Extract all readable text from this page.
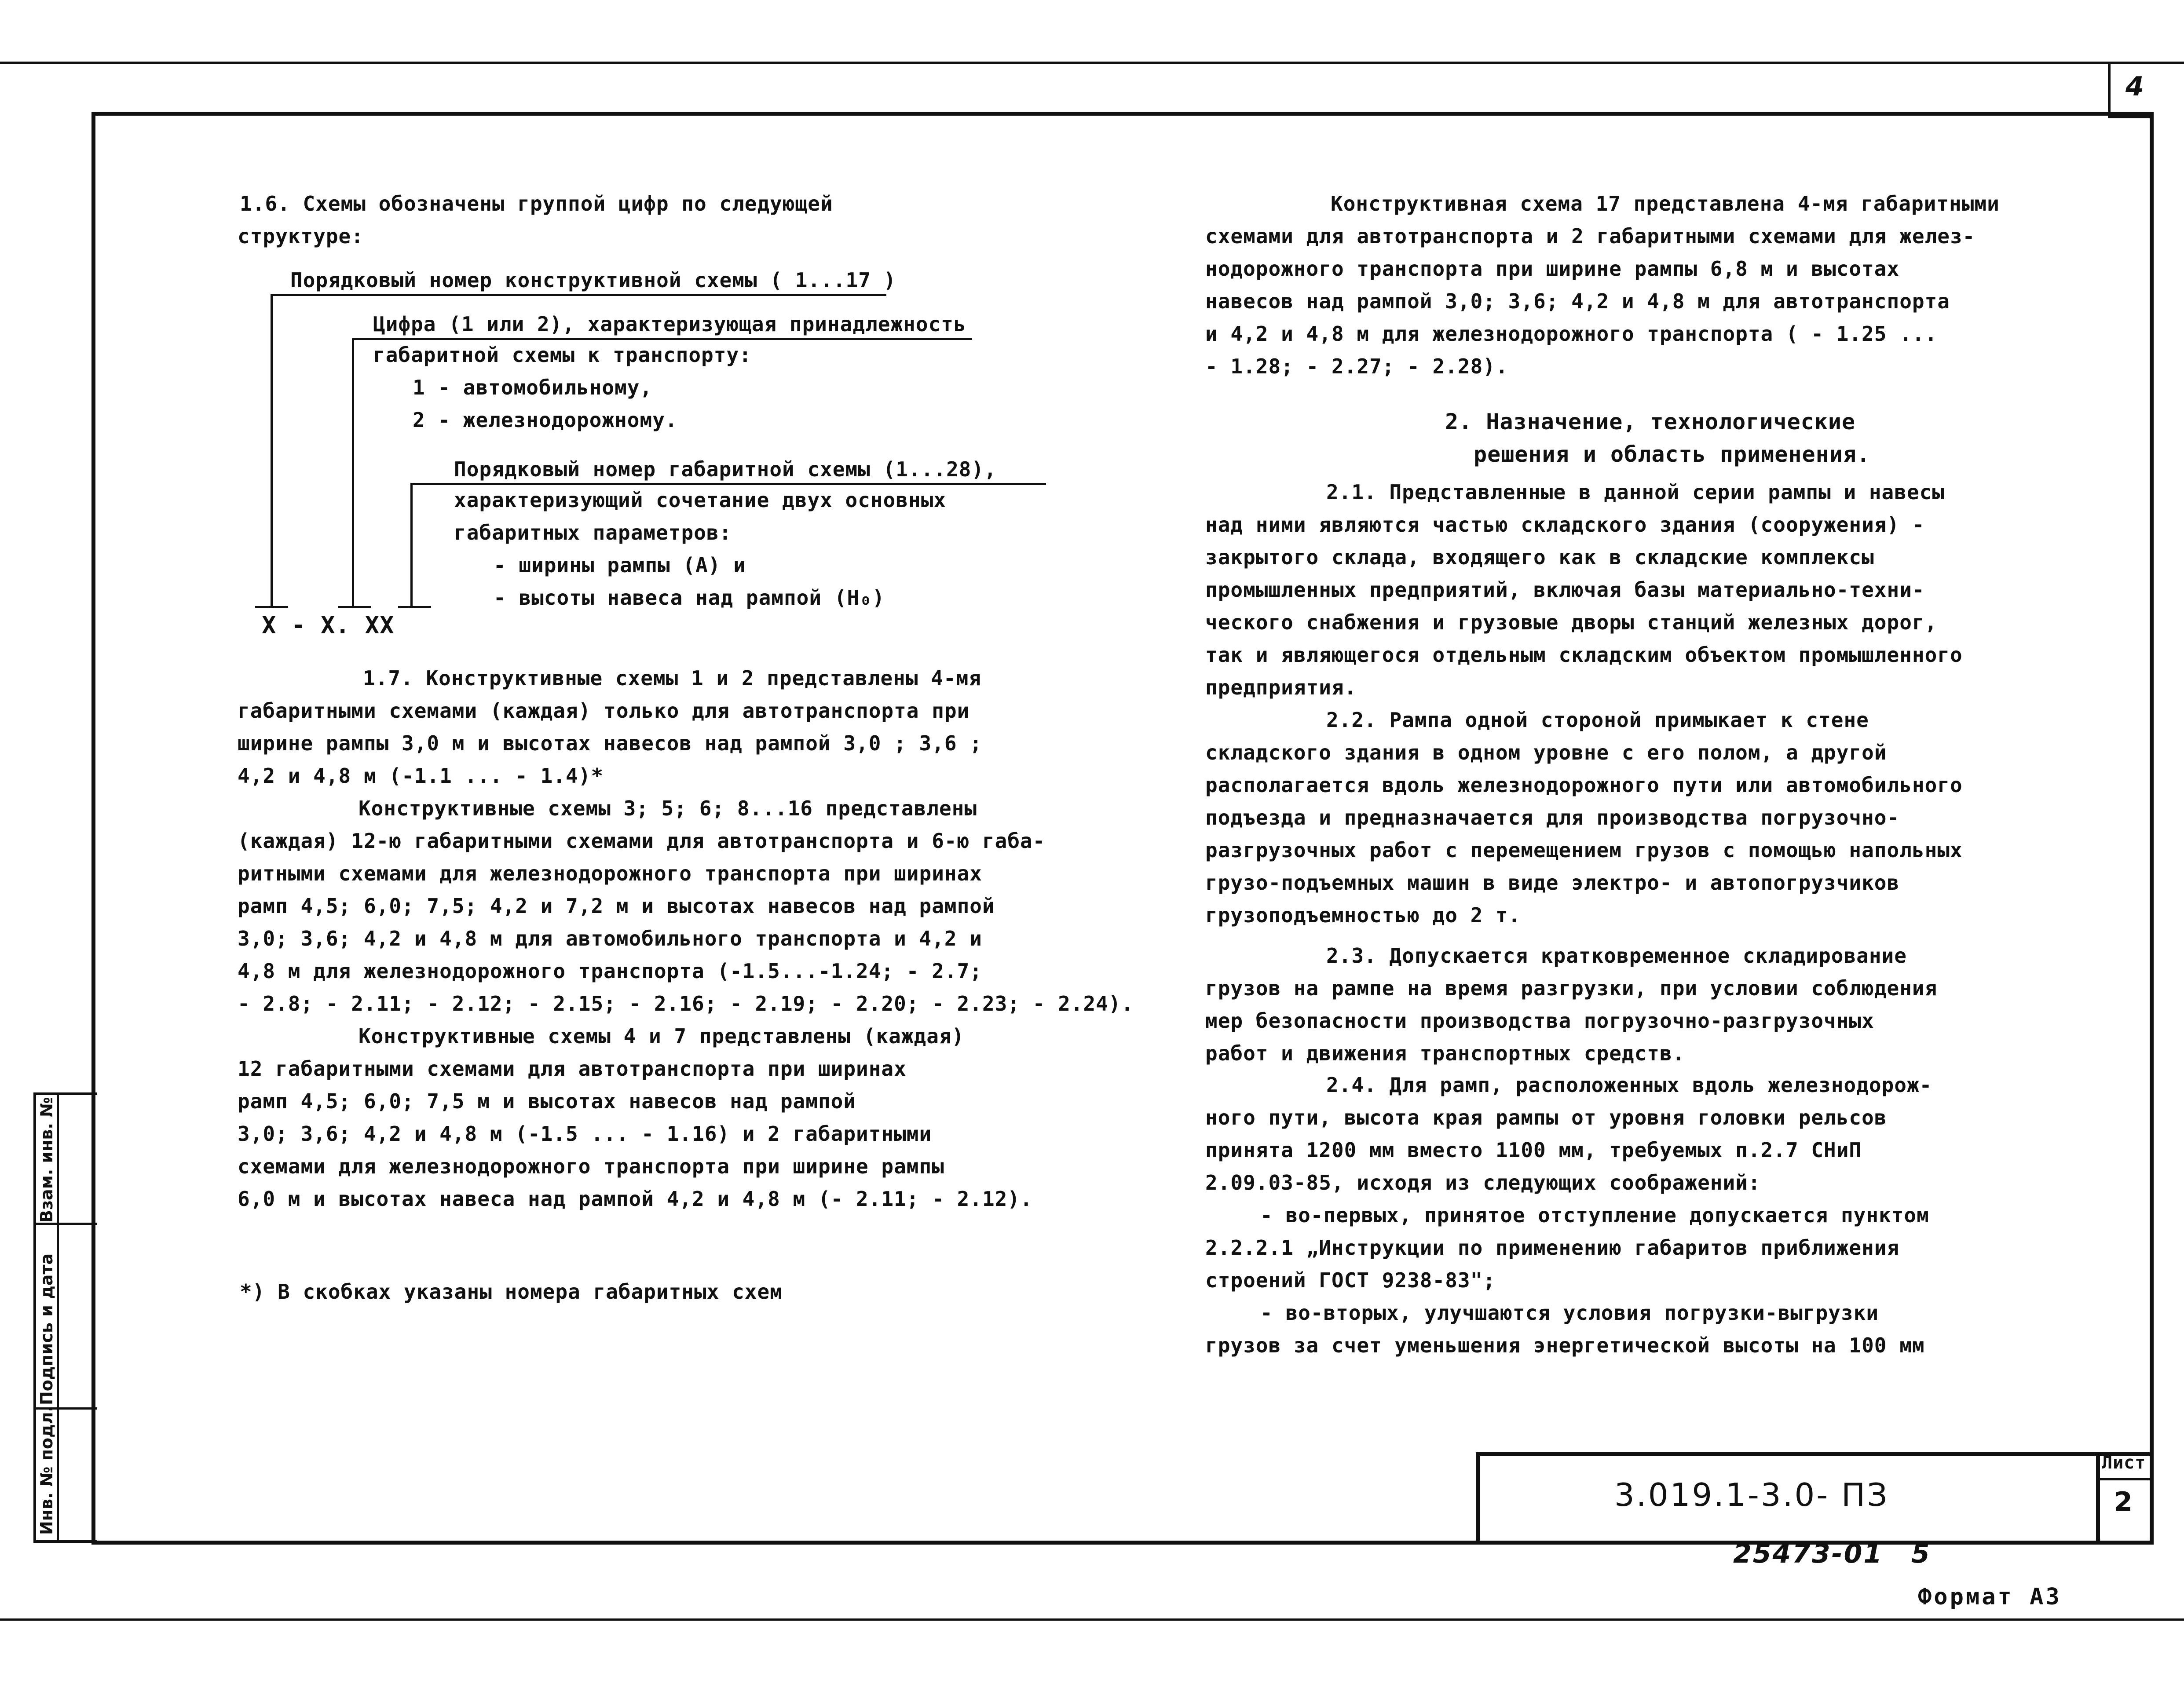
4
Инв. № подл.
Подпись и дата
Взам. инв. №
1.6. Схемы обозначены группой цифр по следующей
структуре:
Порядковый номер конструктивной схемы ( 1...17 )
Цифра (1 или 2), характеризующая принадлежность
габаритной схемы к транспорту:
1 - автомобильному,
2 - железнодорожному.
Порядковый номер габаритной схемы (1...28),
характеризующий сочетание двух основных
габаритных параметров:
- ширины рампы (А) и
- высоты навеса над рампой (H₀)
X - X. XX
1.7. Конструктивные схемы 1 и 2 представлены 4-мя
габаритными схемами (каждая) только для автотранспорта при
ширине рампы 3,0 м и высотах навесов над рампой 3,0 ; 3,6 ;
4,2 и 4,8 м (-1.1 ... - 1.4)*
Конструктивные схемы 3; 5; 6; 8...16 представлены
(каждая) 12-ю габаритными схемами для автотранспорта и 6-ю габа-
ритными схемами для железнодорожного транспорта при ширинах
рамп 4,5; 6,0; 7,5; 4,2 и 7,2 м и высотах навесов над рампой
3,0; 3,6; 4,2 и 4,8 м для автомобильного транспорта и 4,2 и
4,8 м для железнодорожного транспорта (-1.5...-1.24; - 2.7;
- 2.8; - 2.11; - 2.12; - 2.15; - 2.16; - 2.19; - 2.20; - 2.23; - 2.24).
Конструктивные схемы 4 и 7 представлены (каждая)
12 габаритными схемами для автотранспорта при ширинах
рамп 4,5; 6,0; 7,5 м и высотах навесов над рампой
3,0; 3,6; 4,2 и 4,8 м (-1.5 ... - 1.16) и 2 габаритными
схемами для железнодорожного транспорта при ширине рампы
6,0 м и высотах навеса над рампой 4,2 и 4,8 м (- 2.11; - 2.12).
*) В скобках указаны номера габаритных схем
Конструктивная схема 17 представлена 4-мя габаритными
схемами для автотранспорта и 2 габаритными схемами для желез-
нодорожного транспорта при ширине рампы 6,8 м и высотах
навесов над рампой 3,0; 3,6; 4,2 и 4,8 м для автотранспорта
и 4,2 и 4,8 м для железнодорожного транспорта ( - 1.25 ...
- 1.28; - 2.27; - 2.28).
2. Назначение, технологические
решения и область применения.
2.1. Представленные в данной серии рампы и навесы
над ними являются частью складского здания (сооружения) -
закрытого склада, входящего как в складские комплексы
промышленных предприятий, включая базы материально-техни-
ческого снабжения и грузовые дворы станций железных дорог,
так и являющегося отдельным складским объектом промышленного
предприятия.
2.2. Рампа одной стороной примыкает к стене
складского здания в одном уровне с его полом, а другой
располагается вдоль железнодорожного пути или автомобильного
подъезда и предназначается для производства погрузочно-
разгрузочных работ с перемещением грузов с помощью напольных
грузо-подъемных машин в виде электро- и автопогрузчиков
грузоподъемностью до 2 т.
2.3. Допускается кратковременное складирование
грузов на рампе на время разгрузки, при условии соблюдения
мер безопасности производства погрузочно-разгрузочных
работ и движения транспортных средств.
2.4. Для рамп, расположенных вдоль железнодорож-
ного пути, высота края рампы от уровня головки рельсов
принята 1200 мм вместо 1100 мм, требуемых п.2.7 СНиП
2.09.03-85, исходя из следующих соображений:
- во-первых, принятое отступление допускается пунктом
2.2.2.1 „Инструкции по применению габаритов приближения
строений ГОСТ 9238-83";
- во-вторых, улучшаются условия погрузки-выгрузки
грузов за счет уменьшения энергетической высоты на 100 мм
3.019.1-3.0- ПЗ
Лист
2
25473-01 5
Формат А3
